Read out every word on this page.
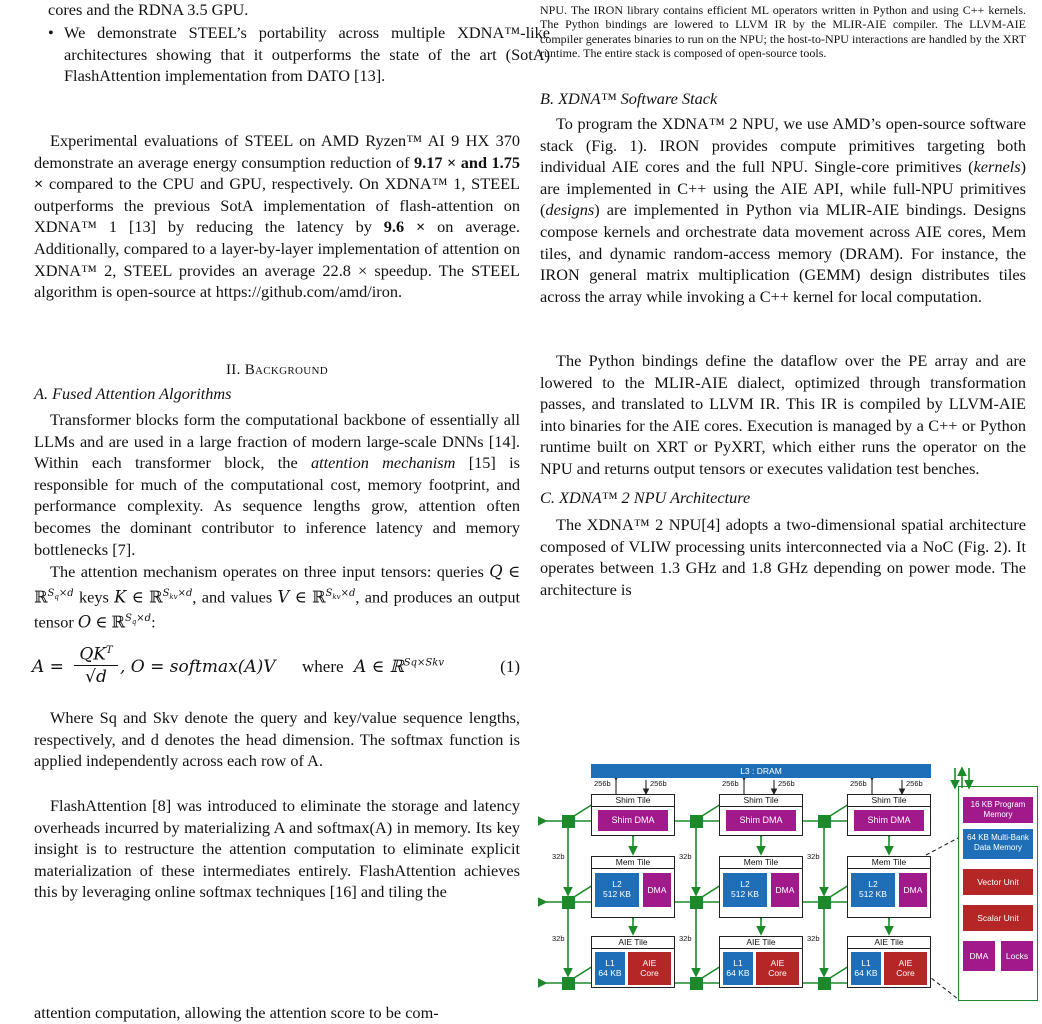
cores and the RDNA 3.5 GPU.

• We demonstrate STEEL’s portability across multiple XDNA™-like architectures showing that it outperforms the state of the art (SotA) FlashAttention implementation from DATO [13].

Experimental evaluations of STEEL on AMD Ryzen™ AI 9 HX 370 demonstrate an average energy consumption reduction of 9.17 × and 1.75 × compared to the CPU and GPU, respectively. On XDNA™ 1, STEEL outperforms the previous SotA implementation of flash-attention on XDNA™ 1 [13] by reducing the latency by 9.6 × on average. Additionally, compared to a layer-by-layer implementation of attention on XDNA™ 2, STEEL provides an average 22.8 × speedup. The STEEL algorithm is open-source at https://github.com/amd/iron.

II. Background

A. Fused Attention Algorithms

Transformer blocks form the computational backbone of essentially all LLMs and are used in a large fraction of modern large-scale DNNs [14]. Within each transformer block, the attention mechanism [15] is responsible for much of the computational cost, memory footprint, and performance complexity. As sequence lengths grow, attention often becomes the dominant contributor to inference latency and memory bottlenecks [7].

The attention mechanism operates on three input tensors: queries Q ∈ ℝ$^{S_q\times d}$ keys K ∈ ℝ$^{S_{kv}\times d}$, and values V ∈ ℝ$^{S_{kv}\times d}$, and produces an output tensor O ∈ ℝ$^{S_q\times d}$:

A =
$QK^T$
√d , O = softmax(A)V where A ∈ ℝ$^{Sq\times Skv}$	(1)

Where Sq and Skv denote the query and key/value sequence lengths, respectively, and d denotes the head dimension. The softmax function is applied independently across each row of A.

FlashAttention [8] was introduced to eliminate the storage and latency overheads incurred by materializing A and softmax(A) in memory. Its key insight is to restructure the attention computation to eliminate explicit materialization of these intermediates entirely. FlashAttention achieves this by leveraging online softmax techniques [16] and tiling the

attention computation, allowing the attention score to be com-

NPU. The IRON library contains efficient ML operators written in Python and using C++ kernels. The Python bindings are lowered to LLVM IR by the MLIR-AIE compiler. The LLVM-AIE compiler generates binaries to run on the NPU; the host-to-NPU interactions are handled by the XRT runtime. The entire stack is composed of open-source tools.

B. XDNA™ Software Stack

To program the XDNA™ 2 NPU, we use AMD’s open-source software stack (Fig. 1). IRON provides compute primitives targeting both individual AIE cores and the full NPU. Single-core primitives (kernels) are implemented in C++ using the AIE API, while full-NPU primitives (designs) are implemented in Python via MLIR-AIE bindings. Designs compose kernels and orchestrate data movement across AIE cores, Mem tiles, and dynamic random-access memory (DRAM). For instance, the IRON general matrix multiplication (GEMM) design distributes tiles across the array while invoking a C++ kernel for local computation.

The Python bindings define the dataflow over the PE array and are lowered to the MLIR-AIE dialect, optimized through transformation passes, and translated to LLVM IR. This IR is compiled by LLVM-AIE into binaries for the AIE cores. Execution is managed by a C++ or Python runtime built on XRT or PyXRT, which either runs the operator on the NPU and returns output tensors or executes validation test benches.

C. XDNA™ 2 NPU Architecture

The XDNA™ 2 NPU[4] adopts a two-dimensional spatial architecture composed of VLIW processing units interconnected via a NoC (Fig. 2). It operates between 1.3 GHz and 1.8 GHz depending on power mode. The architecture is

L3 : DRAM
256b	256b	256b	256b	256b	256b
32b
32b
32b
32b
32b
32b
Shim Tile
Shim DMA
Mem Tile
L2
512 KB	DMA
AIE Tile
L1
64 KB
AIE
Core
Shim Tile
Shim DMA
Mem Tile
L2
512 KB	DMA
AIE Tile
L1
64 KB
AIE
Core
Shim Tile
Shim DMA
Mem Tile
L2
512 KB	DMA
AIE Tile
L1
64 KB
AIE
Core
16 KB Program Memory
64 KB Multi-Bank Data Memory
Vector Unit
Scalar Unit
DMA	Locks
